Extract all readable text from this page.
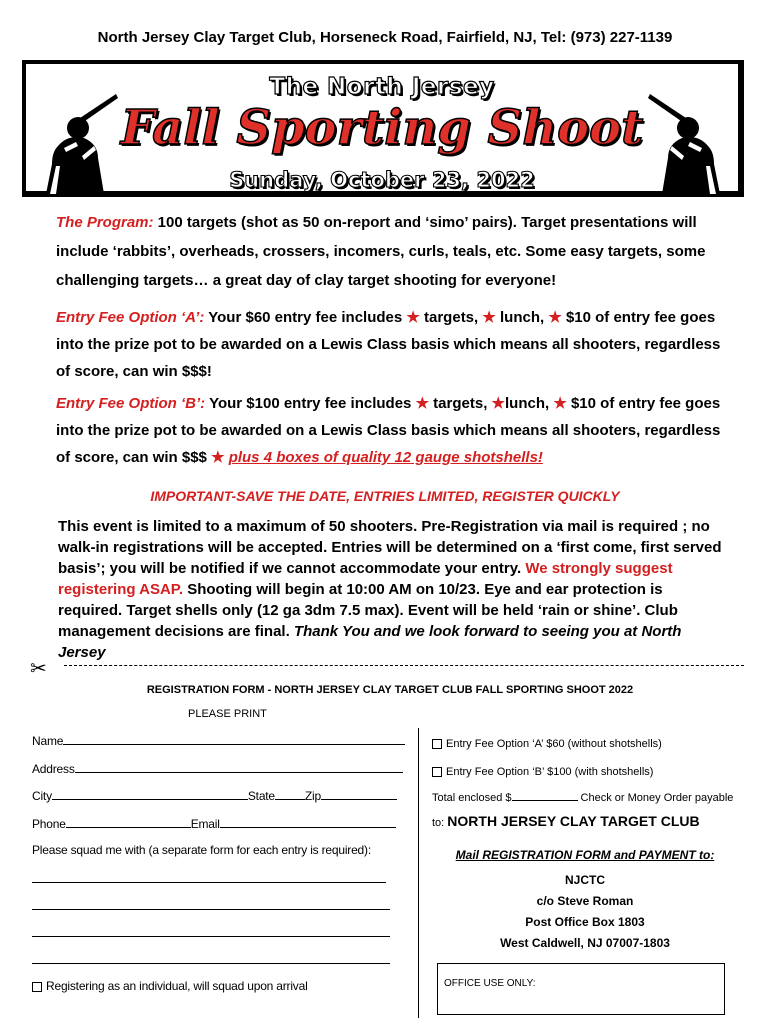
North Jersey Clay Target Club, Horseneck Road, Fairfield, NJ, Tel: (973) 227-1139
The North Jersey
Fall Sporting Shoot
Sunday, October 23, 2022
The Program: 100 targets (shot as 50 on-report and ‘simo’ pairs). Target presentations will include ‘rabbits’, overheads, crossers, incomers, curls, teals, etc. Some easy targets, some challenging targets… a great day of clay target shooting for everyone!
Entry Fee Option ‘A’: Your $60 entry fee includes ★ targets, ★ lunch, ★ $10 of entry fee goes into the prize pot to be awarded on a Lewis Class basis which means all shooters, regardless of score, can win $$$!
Entry Fee Option ‘B’: Your $100 entry fee includes ★ targets, ★lunch, ★ $10 of entry fee goes into the prize pot to be awarded on a Lewis Class basis which means all shooters, regardless of score, can win $$$ ★ plus 4 boxes of quality 12 gauge shotshells!
IMPORTANT-SAVE THE DATE, ENTRIES LIMITED, REGISTER QUICKLY
This event is limited to a maximum of 50 shooters. Pre-Registration via mail is required ; no walk-in registrations will be accepted. Entries will be determined on a ‘first come, first served basis’; you will be notified if we cannot accommodate your entry. We strongly suggest registering ASAP. Shooting will begin at 10:00 AM on 10/23. Eye and ear protection is required. Target shells only (12 ga 3dm 7.5 max). Event will be held ‘rain or shine’. Club management decisions are final. Thank You and we look forward to seeing you at North Jersey
✂
REGISTRATION FORM - NORTH JERSEY CLAY TARGET CLUB FALL SPORTING SHOOT 2022
PLEASE PRINT
Name
Address
City	State	Zip
Phone	Email
Please squad me with (a separate form for each entry is required):
Registering as an individual, will squad upon arrival
Entry Fee Option ‘A’ $60 (without shotshells)
Entry Fee Option ‘B’ $100 (with shotshells)
Total enclosed $	Check or Money Order payable
to: NORTH JERSEY CLAY TARGET CLUB
Mail REGISTRATION FORM and PAYMENT to:
NJCTC
c/o Steve Roman
Post Office Box 1803
West Caldwell, NJ 07007-1803
OFFICE USE ONLY:
